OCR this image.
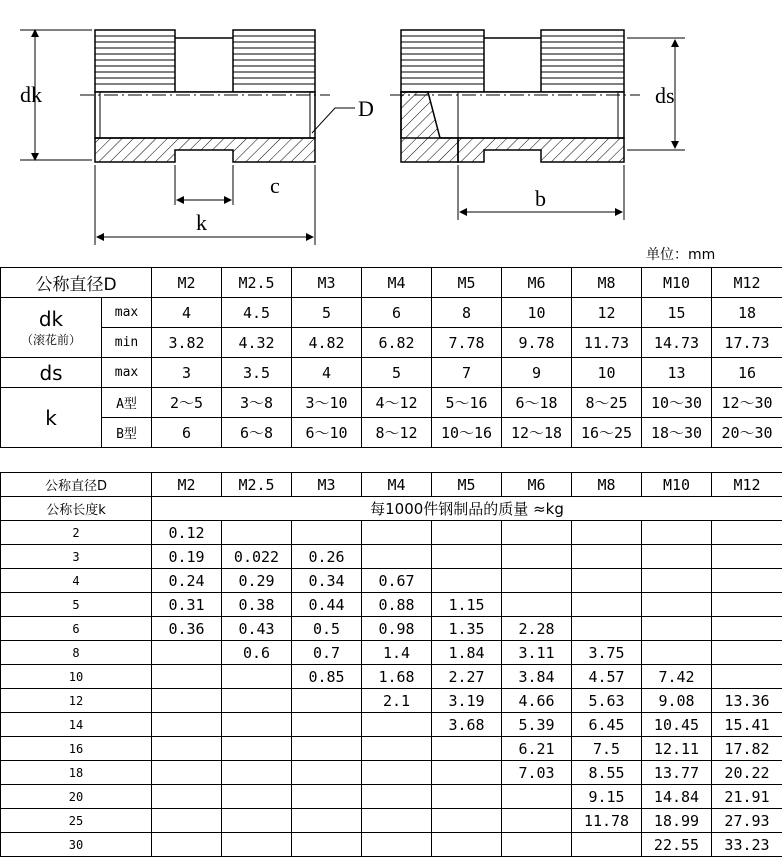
dk
D
c
k
ds
b
单位：mm
公称直径D		M2	M2.5	M3	M4	M5	M6	M8	M10	M12
dk
（滚花前）	max	4	4.5	5	6	8	10	12	15	18
	min	3.82	4.32	4.82	6.82	7.78	9.78	11.73	14.73	17.73
ds	max	3	3.5	4	5	7	9	10	13	16
k	A型	2～5	3～8	3～10	4～12	5～16	6～18	8～25	10～30	12～30
	B型	6	6～8	6～10	8～12	10～16	12～18	16～25	18～30	20～30
公称直径D	M2	M2.5	M3	M4	M5	M6	M8	M10	M12
公称长度k	每1000件钢制品的质量 ≈kg								
2	0.12								
3	0.19	0.022	0.26						
4	0.24	0.29	0.34	0.67					
5	0.31	0.38	0.44	0.88	1.15				
6	0.36	0.43	0.5	0.98	1.35	2.28			
8		0.6	0.7	1.4	1.84	3.11	3.75		
10			0.85	1.68	2.27	3.84	4.57	7.42	
12				2.1	3.19	4.66	5.63	9.08	13.36
14					3.68	5.39	6.45	10.45	15.41
16						6.21	7.5	12.11	17.82
18						7.03	8.55	13.77	20.22
20							9.15	14.84	21.91
25							11.78	18.99	27.93
30								22.55	33.23
